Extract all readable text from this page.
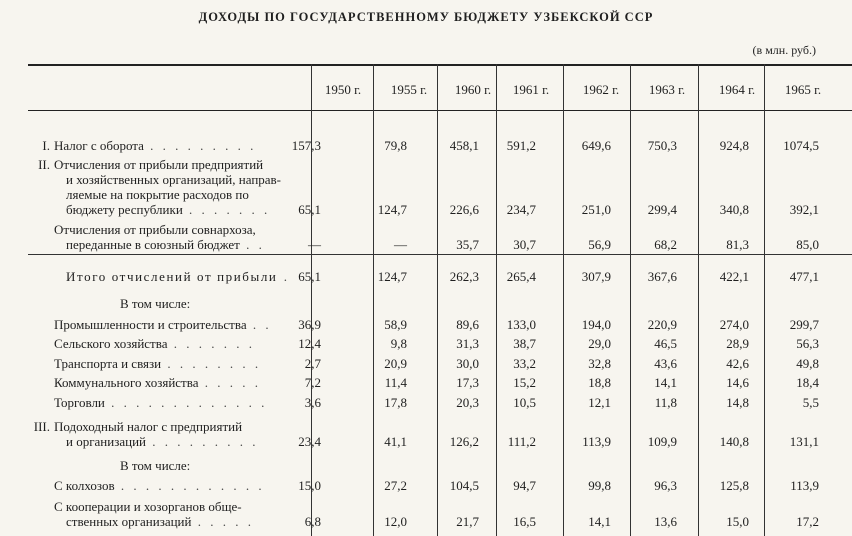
ДОХОДЫ ПО ГОСУДАРСТВЕННОМУ БЮДЖЕТУ УЗБЕКСКОЙ ССР
(в млн. руб.)
1950 г.	1955 г.	1960 г.	1961 г.	1962 г.	1963 г.	1964 г.	1965 г.
I. Налог с оборота . . . . . . . . .	157,3	79,8	458,1	591,2	649,6	750,3	924,8	1074,5
II. Отчисления от прибыли предприятий
и хозяйственных организаций, направ-
ляемые на покрытие расходов по
бюджету республики . . . . . . .	65,1	124,7	226,6	234,7	251,0	299,4	340,8	392,1
Отчисления от прибыли совнархоза,
переданные в союзный бюджет . .	—	—	35,7	30,7	56,9	68,2	81,3	85,0
Итого отчислений от прибыли . 65,1	124,7	262,3	265,4	307,9	367,6	422,1	477,1
В том числе:
Промышленности и строительства . .	36,9	58,9	89,6	133,0	194,0	220,9	274,0	299,7
Сельского хозяйства . . . . . . .	12,4	9,8	31,3	38,7	29,0	46,5	28,9	56,3
Транспорта и связи . . . . . . . .	2,7	20,9	30,0	33,2	32,8	43,6	42,6	49,8
Коммунального хозяйства . . . . .	7,2	11,4	17,3	15,2	18,8	14,1	14,6	18,4
Торговли . . . . . . . . . . . . .	3,6	17,8	20,3	10,5	12,1	11,8	14,8	5,5
III. Подоходный налог с предприятий
и организаций . . . . . . . . .	23,4	41,1	126,2	111,2	113,9	109,9	140,8	131,1
В том числе:
С колхозов . . . . . . . . . . . .	15,0	27,2	104,5	94,7	99,8	96,3	125,8	113,9
С кооперации и хозорганов обще-
ственных организаций . . . . .	6,8	12,0	21,7	16,5	14,1	13,6	15,0	17,2
